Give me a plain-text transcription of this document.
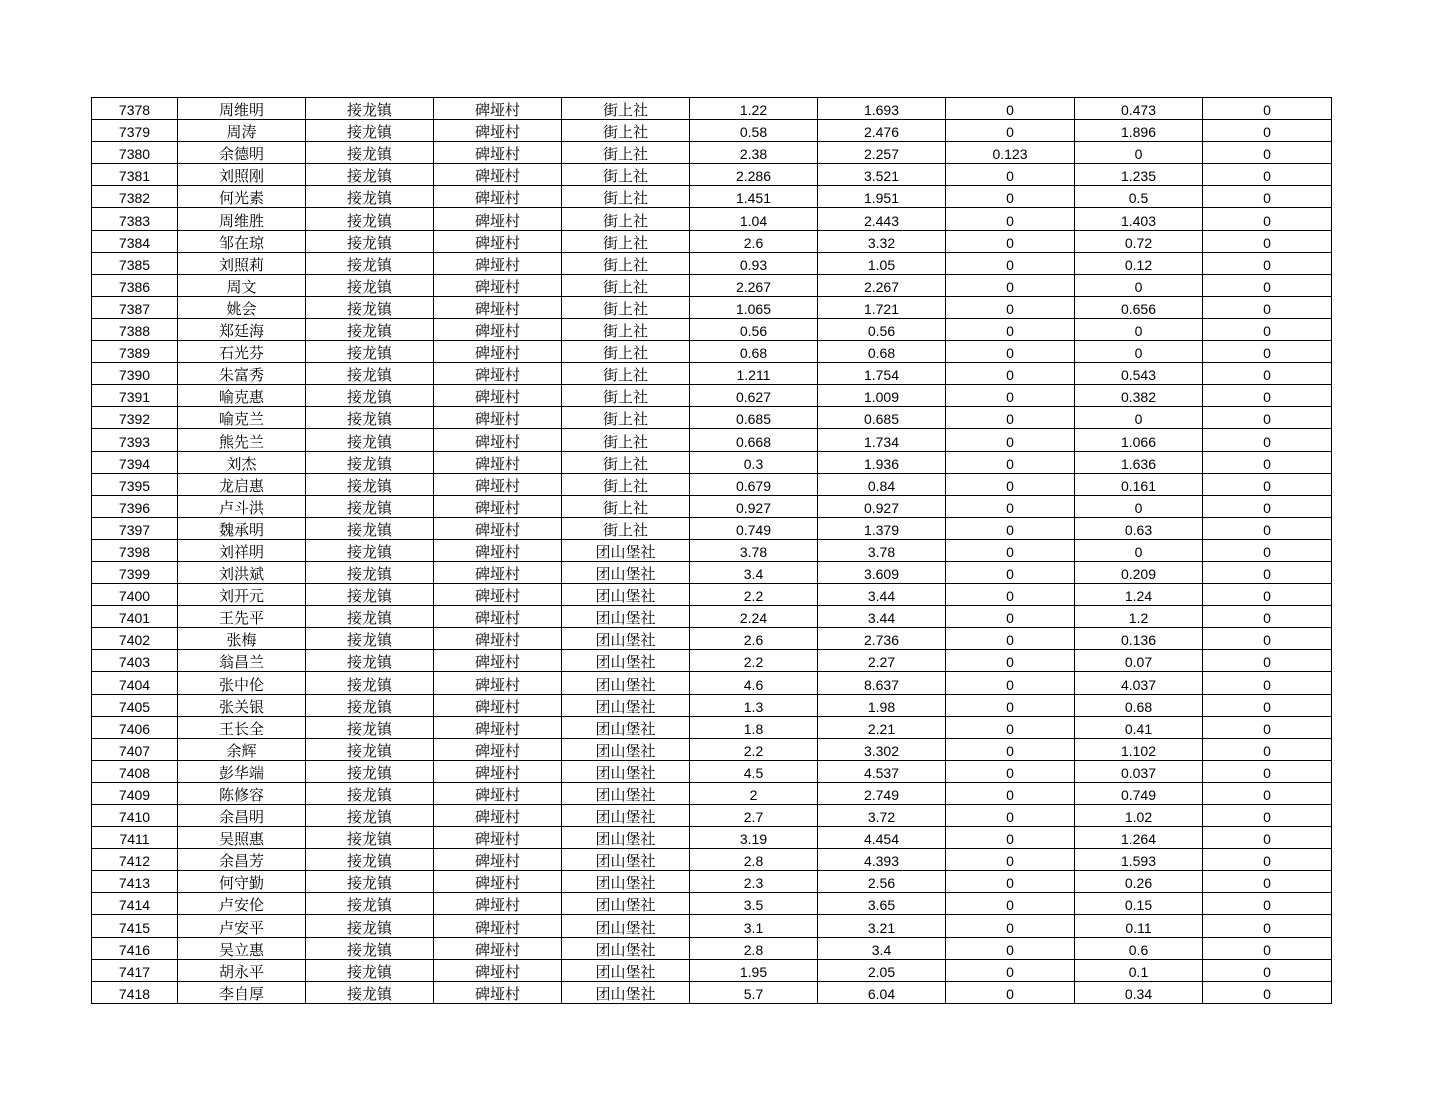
7378	周维明	接龙镇	碑垭村	街上社	1.22	1.693	0	0.473	0
7379	周涛	接龙镇	碑垭村	街上社	0.58	2.476	0	1.896	0
7380	余德明	接龙镇	碑垭村	街上社	2.38	2.257	0.123	0	0
7381	刘照刚	接龙镇	碑垭村	街上社	2.286	3.521	0	1.235	0
7382	何光素	接龙镇	碑垭村	街上社	1.451	1.951	0	0.5	0
7383	周维胜	接龙镇	碑垭村	街上社	1.04	2.443	0	1.403	0
7384	邹在琼	接龙镇	碑垭村	街上社	2.6	3.32	0	0.72	0
7385	刘照莉	接龙镇	碑垭村	街上社	0.93	1.05	0	0.12	0
7386	周文	接龙镇	碑垭村	街上社	2.267	2.267	0	0	0
7387	姚会	接龙镇	碑垭村	街上社	1.065	1.721	0	0.656	0
7388	郑廷海	接龙镇	碑垭村	街上社	0.56	0.56	0	0	0
7389	石光芬	接龙镇	碑垭村	街上社	0.68	0.68	0	0	0
7390	朱富秀	接龙镇	碑垭村	街上社	1.211	1.754	0	0.543	0
7391	喻克惠	接龙镇	碑垭村	街上社	0.627	1.009	0	0.382	0
7392	喻克兰	接龙镇	碑垭村	街上社	0.685	0.685	0	0	0
7393	熊先兰	接龙镇	碑垭村	街上社	0.668	1.734	0	1.066	0
7394	刘杰	接龙镇	碑垭村	街上社	0.3	1.936	0	1.636	0
7395	龙启惠	接龙镇	碑垭村	街上社	0.679	0.84	0	0.161	0
7396	卢斗洪	接龙镇	碑垭村	街上社	0.927	0.927	0	0	0
7397	魏承明	接龙镇	碑垭村	街上社	0.749	1.379	0	0.63	0
7398	刘祥明	接龙镇	碑垭村	团山堡社	3.78	3.78	0	0	0
7399	刘洪斌	接龙镇	碑垭村	团山堡社	3.4	3.609	0	0.209	0
7400	刘开元	接龙镇	碑垭村	团山堡社	2.2	3.44	0	1.24	0
7401	王先平	接龙镇	碑垭村	团山堡社	2.24	3.44	0	1.2	0
7402	张梅	接龙镇	碑垭村	团山堡社	2.6	2.736	0	0.136	0
7403	翁昌兰	接龙镇	碑垭村	团山堡社	2.2	2.27	0	0.07	0
7404	张中伦	接龙镇	碑垭村	团山堡社	4.6	8.637	0	4.037	0
7405	张关银	接龙镇	碑垭村	团山堡社	1.3	1.98	0	0.68	0
7406	王长全	接龙镇	碑垭村	团山堡社	1.8	2.21	0	0.41	0
7407	余辉	接龙镇	碑垭村	团山堡社	2.2	3.302	0	1.102	0
7408	彭华端	接龙镇	碑垭村	团山堡社	4.5	4.537	0	0.037	0
7409	陈修容	接龙镇	碑垭村	团山堡社	2	2.749	0	0.749	0
7410	余昌明	接龙镇	碑垭村	团山堡社	2.7	3.72	0	1.02	0
7411	吴照惠	接龙镇	碑垭村	团山堡社	3.19	4.454	0	1.264	0
7412	余昌芳	接龙镇	碑垭村	团山堡社	2.8	4.393	0	1.593	0
7413	何守勤	接龙镇	碑垭村	团山堡社	2.3	2.56	0	0.26	0
7414	卢安伦	接龙镇	碑垭村	团山堡社	3.5	3.65	0	0.15	0
7415	卢安平	接龙镇	碑垭村	团山堡社	3.1	3.21	0	0.11	0
7416	吴立惠	接龙镇	碑垭村	团山堡社	2.8	3.4	0	0.6	0
7417	胡永平	接龙镇	碑垭村	团山堡社	1.95	2.05	0	0.1	0
7418	李自厚	接龙镇	碑垭村	团山堡社	5.7	6.04	0	0.34	0
